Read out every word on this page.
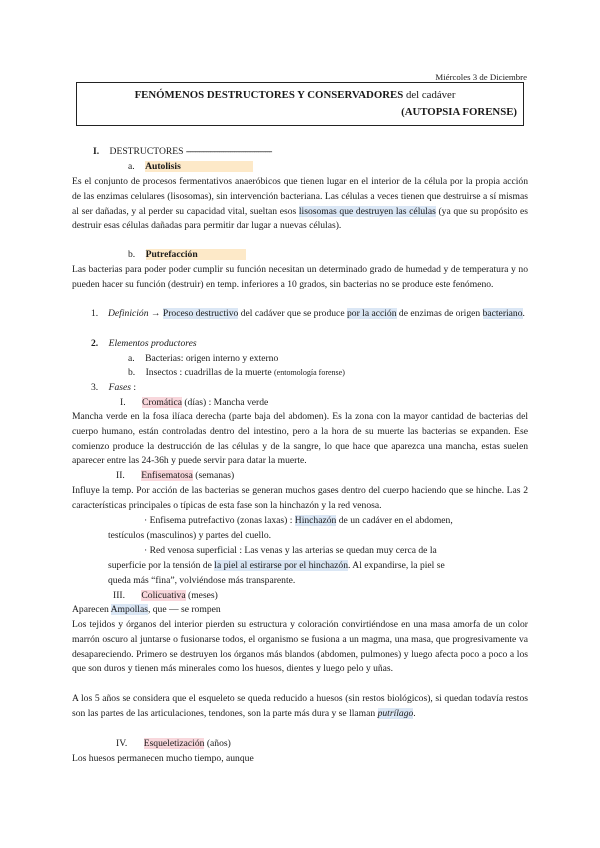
Miércoles 3 de Diciembre
FENÓMENOS DESTRUCTORES Y CONSERVADORES del cadáver
(AUTOPSIA FORENSE)
I. DESTRUCTORES ---------------------------------------
a. Autolisis
Es el conjunto de procesos fermentativos anaeróbicos que tienen lugar en el interior de la célula por la propia acción de las enzimas celulares (lisosomas), sin intervención bacteriana. Las células a veces tienen que destruirse a sí mismas al ser dañadas, y al perder su capacidad vital, sueltan esos lisosomas que destruyen las células (ya que su propósito es destruir esas células dañadas para permitir dar lugar a nuevas células).
b. Putrefacción
Las bacterias para poder poder cumplir su función necesitan un determinado grado de humedad y de temperatura y no pueden hacer su función (destruir) en temp. inferiores a 10 grados, sin bacterias no se produce este fenómeno.
1. Definición → Proceso destructivo del cadáver que se produce por la acción de enzimas de origen bacteriano.
2. Elementos productores
a. Bacterias: origen interno y externo
b. Insectos : cuadrillas de la muerte (entomología forense)
3. Fases :
I. Cromática (días) : Mancha verde
Mancha verde en la fosa ilíaca derecha (parte baja del abdomen). Es la zona con la mayor cantidad de bacterias del cuerpo humano, están controladas dentro del intestino, pero a la hora de su muerte las bacterias se expanden. Ese comienzo produce la destrucción de las células y de la sangre, lo que hace que aparezca una mancha, estas suelen aparecer entre las 24-36h y puede servir para datar la muerte.
II. Enfisematosa (semanas)
Influye la temp. Por acción de las bacterias se generan muchos gases dentro del cuerpo haciendo que se hinche. Las 2 características principales o típicas de esta fase son la hinchazón y la red venosa.
· Enfisema putrefactivo (zonas laxas) : Hinchazón de un cadáver en el abdomen,
testículos (masculinos) y partes del cuello.
· Red venosa superficial : Las venas y las arterias se quedan muy cerca de la
superficie por la tensión de la piel al estirarse por el hinchazón. Al expandirse, la piel se
queda más “fina”, volviéndose más transparente.
III. Colicuativa (meses)
Aparecen Ampollas, que — se rompen
Los tejidos y órganos del interior pierden su estructura y coloración convirtiéndose en una masa amorfa de un color marrón oscuro al juntarse o fusionarse todos, el organismo se fusiona a un magma, una masa, que progresivamente va desapareciendo. Primero se destruyen los órganos más blandos (abdomen, pulmones) y luego afecta poco a poco a los que son duros y tienen más minerales como los huesos, dientes y luego pelo y uñas.
A los 5 años se considera que el esqueleto se queda reducido a huesos (sin restos biológicos), si quedan todavía restos son las partes de las articulaciones, tendones, son la parte más dura y se llaman putrílago.
IV. Esqueletización (años)
Los huesos permanecen mucho tiempo, aunque
